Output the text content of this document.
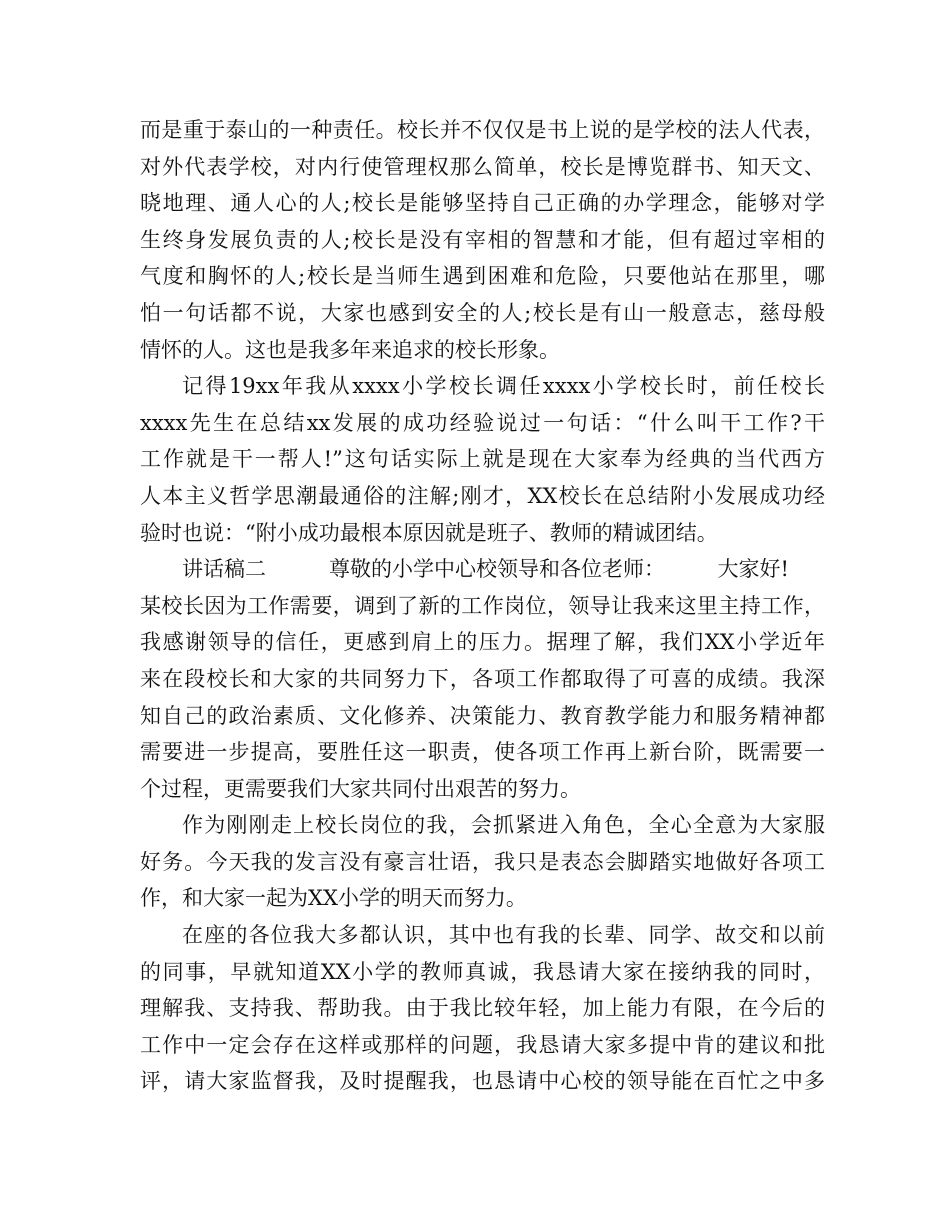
而是重于泰山的一种责任。校长并不仅仅是书上说的是学校的法人代表，
对外代表学校，对内行使管理权那么简单，校长是博览群书、知天文、
晓地理、通人心的人;校长是能够坚持自己正确的办学理念，能够对学
生终身发展负责的人;校长是没有宰相的智慧和才能，但有超过宰相的
气度和胸怀的人;校长是当师生遇到困难和危险，只要他站在那里，哪
怕一句话都不说，大家也感到安全的人;校长是有山一般意志，慈母般
情怀的人。这也是我多年来追求的校长形象。
记得19xx年我从xxxx小学校长调任xxxx小学校长时，前任校长
xxxx先生在总结xx发展的成功经验说过一句话：“什么叫干工作?干
工作就是干一帮人!”这句话实际上就是现在大家奉为经典的当代西方
人本主义哲学思潮最通俗的注解;刚才，XX校长在总结附小发展成功经
验时也说：“附小成功最根本原因就是班子、教师的精诚团结。
讲话稿二　　　尊敬的小学中心校领导和各位老师：　　　大家好!
某校长因为工作需要，调到了新的工作岗位，领导让我来这里主持工作，
我感谢领导的信任，更感到肩上的压力。据理了解，我们XX小学近年
来在段校长和大家的共同努力下，各项工作都取得了可喜的成绩。我深
知自己的政治素质、文化修养、决策能力、教育教学能力和服务精神都
需要进一步提高，要胜任这一职责，使各项工作再上新台阶，既需要一
个过程，更需要我们大家共同付出艰苦的努力。
作为刚刚走上校长岗位的我，会抓紧进入角色，全心全意为大家服
好务。今天我的发言没有豪言壮语，我只是表态会脚踏实地做好各项工
作，和大家一起为XX小学的明天而努力。
在座的各位我大多都认识，其中也有我的长辈、同学、故交和以前
的同事，早就知道XX小学的教师真诚，我恳请大家在接纳我的同时，
理解我、支持我、帮助我。由于我比较年轻，加上能力有限，在今后的
工作中一定会存在这样或那样的问题，我恳请大家多提中肯的建议和批
评，请大家监督我，及时提醒我，也恳请中心校的领导能在百忙之中多
